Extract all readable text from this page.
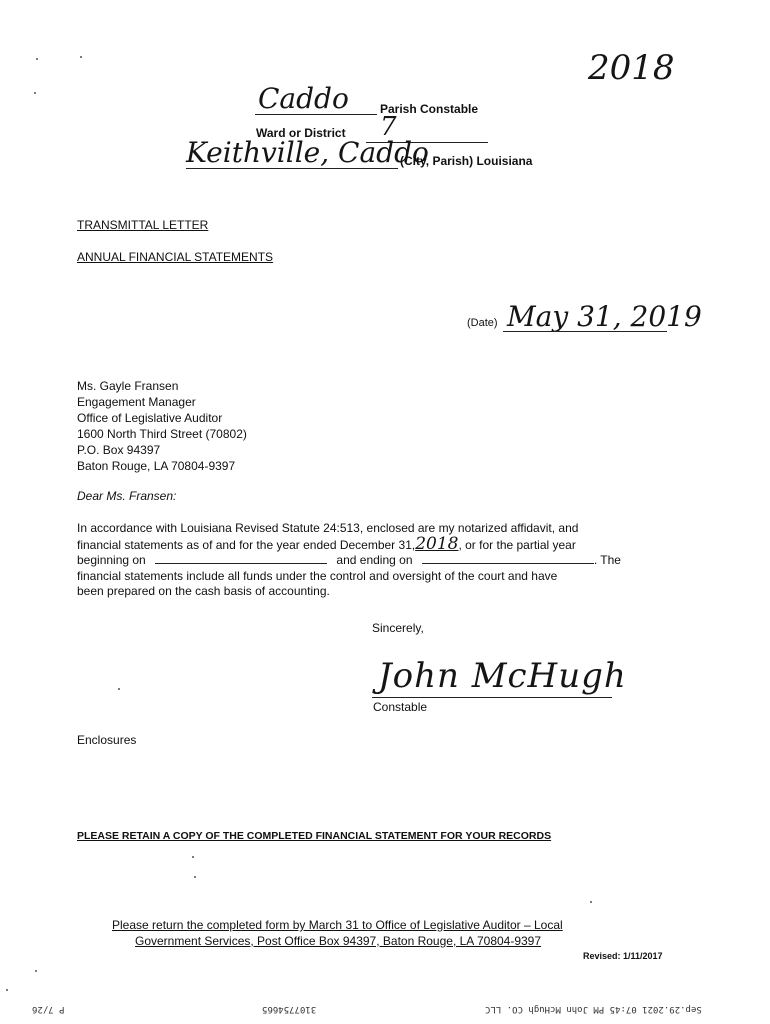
2018
Caddo	Parish Constable
Ward or District 7
Keithville, Caddo
(City, Parish) Louisiana
TRANSMITTAL LETTER
ANNUAL FINANCIAL STATEMENTS
(Date) May 31, 2019
Ms. Gayle Fransen
Engagement Manager
Office of Legislative Auditor
1600 North Third Street (70802)
P.O. Box 94397
Baton Rouge, LA 70804-9397
Dear Ms. Fransen:
In accordance with Louisiana Revised Statute 24:513, enclosed are my notarized affidavit, and
financial statements as of and for the year ended December 31,2018, or for the partial year
beginning on	and ending on	. The
financial statements include all funds under the control and oversight of the court and have
been prepared on the cash basis of accounting.
Sincerely,
John McHugh
Constable
Enclosures
PLEASE RETAIN A COPY OF THE COMPLETED FINANCIAL STATEMENT FOR YOUR RECORDS
Please return the completed form by March 31 to Office of Legislative Auditor – Local
Government Services, Post Office Box 94397, Baton Rouge, LA 70804-9397
Revised: 1/11/2017
Sep.29.2021 07:45 PM John McHugh CO. LLC
3107754665
P 7/26
